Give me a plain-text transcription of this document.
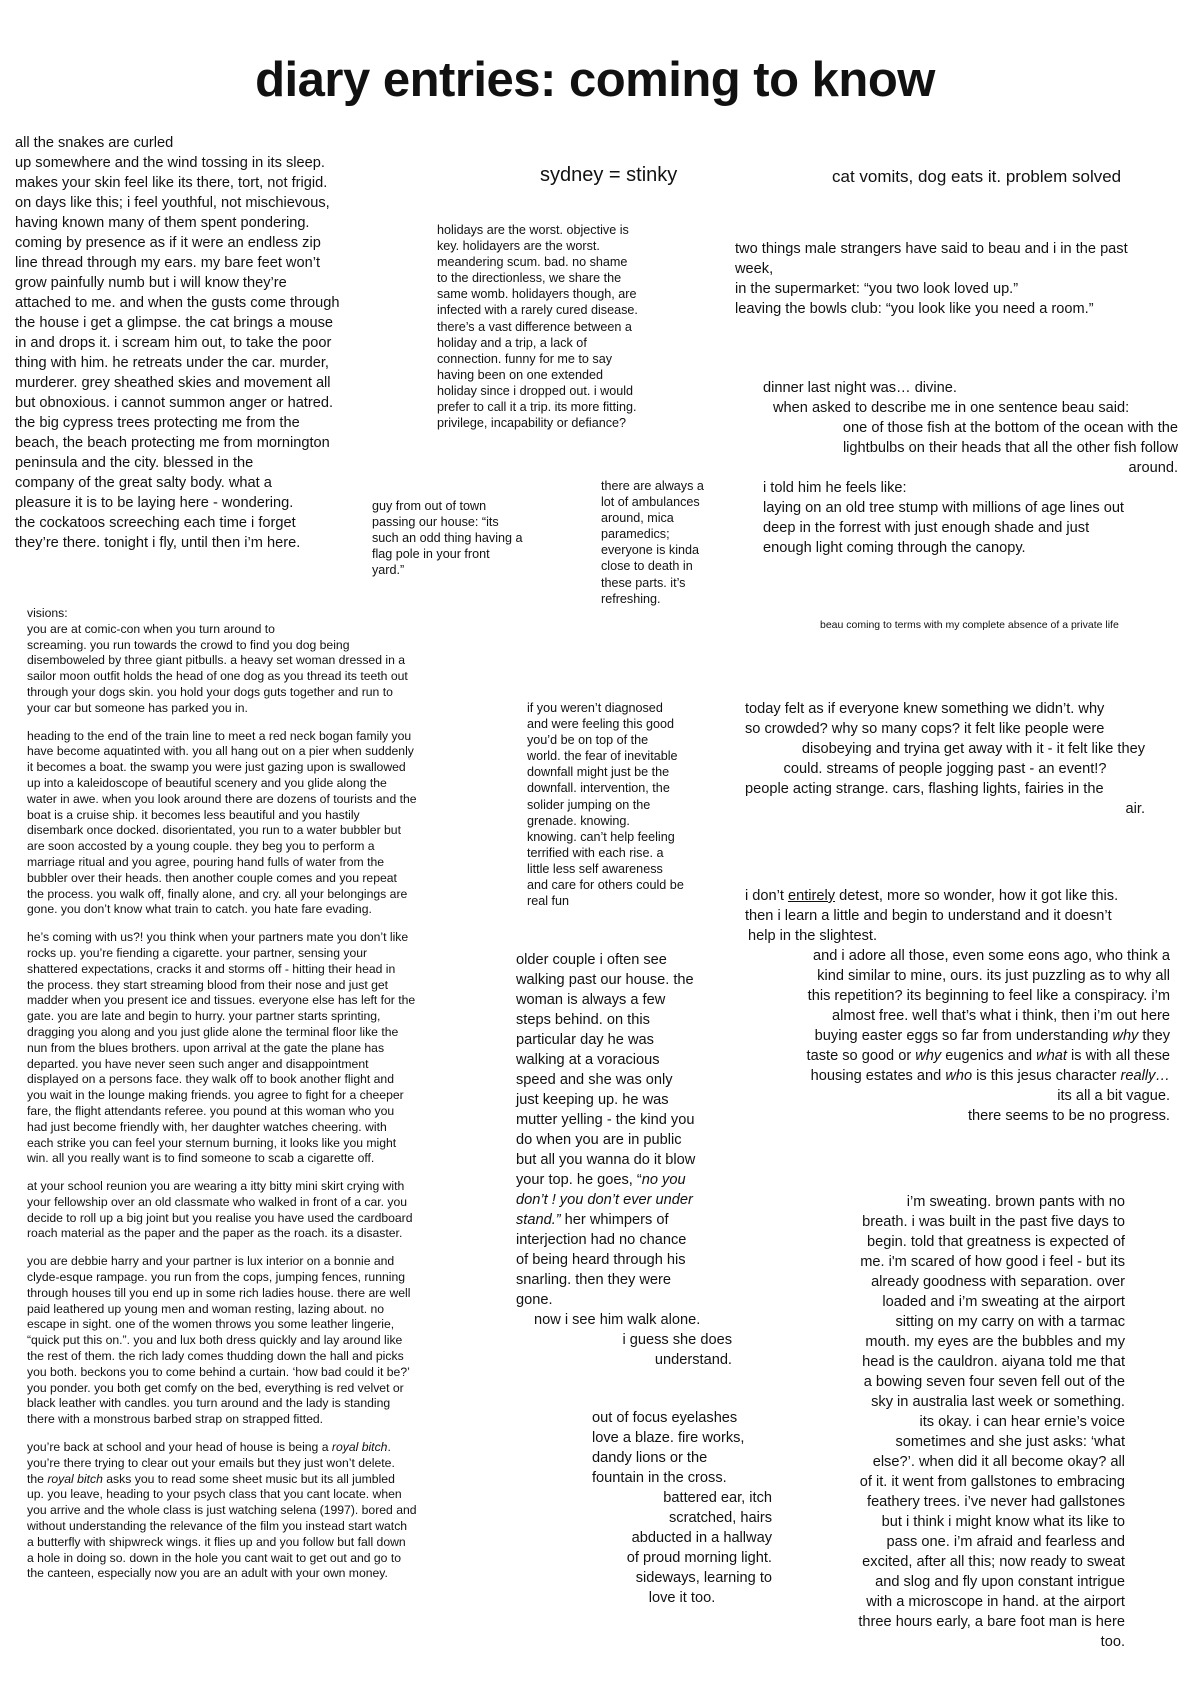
diary entries: coming to know

all the snakes are curled
up somewhere and the wind tossing in its sleep.
makes your skin feel like its there, tort, not frigid.
on days like this; i feel youthful, not mischievous,
having known many of them spent pondering.
coming by presence as if it were an endless zip
line thread through my ears. my bare feet won’t
grow painfully numb but i will know they’re
attached to me. and when the gusts come through
the house i get a glimpse. the cat brings a mouse
in and drops it. i scream him out, to take the poor
thing with him. he retreats under the car. murder,
murderer. grey sheathed skies and movement all
but obnoxious. i cannot summon anger or hatred.
the big cypress trees protecting me from the
beach, the beach protecting me from mornington
peninsula and the city. blessed in the
company of the great salty body. what a
pleasure it is to be laying here - wondering.
the cockatoos screeching each time i forget
they’re there. tonight i fly, until then i’m here.

sydney = stinky	cat vomits, dog eats it. problem solved

holidays are the worst. objective is
key. holidayers are the worst.
meandering scum. bad. no shame
to the directionless, we share the
same womb. holidayers though, are
infected with a rarely cured disease.
there’s a vast difference between a
holiday and a trip, a lack of
connection. funny for me to say
having been on one extended
holiday since i dropped out. i would
prefer to call it a trip. its more fitting.
privilege, incapability or defiance?

two things male strangers have said to beau and i in the past
week,
in the supermarket: “you two look loved up.”
leaving the bowls club: “you look like you need a room.”

dinner last night was… divine.
when asked to describe me in one sentence beau said:
one of those fish at the bottom of the ocean with the
lightbulbs on their heads that all the other fish follow
around.
i told him he feels like:
laying on an old tree stump with millions of age lines out
deep in the forrest with just enough shade and just
enough light coming through the canopy.

guy from out of town
passing our house: “its
such an odd thing having a
flag pole in your front
yard.”

there are always a
lot of ambulances
around, mica
paramedics;
everyone is kinda
close to death in
these parts. it’s
refreshing.

beau coming to terms with my complete absence of a private life

visions:

you are at comic-con when you turn around to
screaming. you run towards the crowd to find you dog being
disemboweled by three giant pitbulls. a heavy set woman dressed in a
sailor moon outfit holds the head of one dog as you thread its teeth out
through your dogs skin. you hold your dogs guts together and run to
your car but someone has parked you in.

heading to the end of the train line to meet a red neck bogan family you
have become aquatinted with. you all hang out on a pier when suddenly
it becomes a boat. the swamp you were just gazing upon is swallowed
up into a kaleidoscope of beautiful scenery and you glide along the
water in awe. when you look around there are dozens of tourists and the
boat is a cruise ship. it becomes less beautiful and you hastily
disembark once docked. disorientated, you run to a water bubbler but
are soon accosted by a young couple. they beg you to perform a
marriage ritual and you agree, pouring hand fulls of water from the
bubbler over their heads. then another couple comes and you repeat
the process. you walk off, finally alone, and cry. all your belongings are
gone. you don’t know what train to catch. you hate fare evading.

he’s coming with us?! you think when your partners mate you don’t like
rocks up. you’re fiending a cigarette. your partner, sensing your
shattered expectations, cracks it and storms off - hitting their head in
the process. they start streaming blood from their nose and just get
madder when you present ice and tissues. everyone else has left for the
gate. you are late and begin to hurry. your partner starts sprinting,
dragging you along and you just glide alone the terminal floor like the
nun from the blues brothers. upon arrival at the gate the plane has
departed. you have never seen such anger and disappointment
displayed on a persons face. they walk off to book another flight and
you wait in the lounge making friends. you agree to fight for a cheeper
fare, the flight attendants referee. you pound at this woman who you
had just become friendly with, her daughter watches cheering. with
each strike you can feel your sternum burning, it looks like you might
win. all you really want is to find someone to scab a cigarette off.

at your school reunion you are wearing a itty bitty mini skirt crying with
your fellowship over an old classmate who walked in front of a car. you
decide to roll up a big joint but you realise you have used the cardboard
roach material as the paper and the paper as the roach. its a disaster.

you are debbie harry and your partner is lux interior on a bonnie and
clyde-esque rampage. you run from the cops, jumping fences, running
through houses till you end up in some rich ladies house. there are well
paid leathered up young men and woman resting, lazing about. no
escape in sight. one of the women throws you some leather lingerie,
“quick put this on.”. you and lux both dress quickly and lay around like
the rest of them. the rich lady comes thudding down the hall and picks
you both. beckons you to come behind a curtain. ‘how bad could it be?’
you ponder. you both get comfy on the bed, everything is red velvet or
black leather with candles. you turn around and the lady is standing
there with a monstrous barbed strap on strapped fitted.

you’re back at school and your head of house is being a royal bitch.
you’re there trying to clear out your emails but they just won’t delete.
the royal bitch asks you to read some sheet music but its all jumbled
up. you leave, heading to your psych class that you cant locate. when
you arrive and the whole class is just watching selena (1997). bored and
without understanding the relevance of the film you instead start watch
a butterfly with shipwreck wings. it flies up and you follow but fall down
a hole in doing so. down in the hole you cant wait to get out and go to
the canteen, especially now you are an adult with your own money.

if you weren’t diagnosed
and were feeling this good
you’d be on top of the
world. the fear of inevitable
downfall might just be the
downfall. intervention, the
solider jumping on the
grenade. knowing.
knowing. can’t help feeling
terrified with each rise. a
little less self awareness
and care for others could be
real fun

today felt as if everyone knew something we didn’t. why
so crowded? why so many cops? it felt like people were
disobeying and tryina get away with it - it felt like they
could. streams of people jogging past - an event!?
people acting strange. cars, flashing lights, fairies in the
air.
i don’t entirely detest, more so wonder, how it got like this.
then i learn a little and begin to understand and it doesn’t
help in the slightest.
and i adore all those, even some eons ago, who think a
kind similar to mine, ours. its just puzzling as to why all
this repetition? its beginning to feel like a conspiracy. i’m
almost free. well that’s what i think, then i’m out here
buying easter eggs so far from understanding why they
taste so good or why eugenics and what is with all these
housing estates and who is this jesus character really…
its all a bit vague.
there seems to be no progress.

older couple i often see
walking past our house. the
woman is always a few
steps behind. on this
particular day he was
walking at a voracious
speed and she was only
just keeping up. he was
mutter yelling - the kind you
do when you are in public
but all you wanna do it blow
your top. he goes, “no you
don’t ! you don’t ever under
stand.” her whimpers of
interjection had no chance
of being heard through his
snarling. then they were
gone.

now i see him walk alone.
i guess she does
understand.

i’m sweating. brown pants with no
breath. i was built in the past five days to
begin. told that greatness is expected of
me. i'm scared of how good i feel - but its
already goodness with separation. over
loaded and i’m sweating at the airport
sitting on my carry on with a tarmac
mouth. my eyes are the bubbles and my
head is the cauldron. aiyana told me that
a bowing seven four seven fell out of the
sky in australia last week or something.
its okay. i can hear ernie’s voice
sometimes and she just asks: ‘what
else?’. when did it all become okay? all
of it. it went from gallstones to embracing
feathery trees. i’ve never had gallstones
but i think i might know what its like to
pass one. i’m afraid and fearless and
excited, after all this; now ready to sweat
and slog and fly upon constant intrigue
with a microscope in hand. at the airport
three hours early, a bare foot man is here
too.

out of focus eyelashes
love a blaze. fire works,
dandy lions or the
fountain in the cross.
battered ear, itch
scratched, hairs
abducted in a hallway
of proud morning light.
sideways, learning to
love it too.
